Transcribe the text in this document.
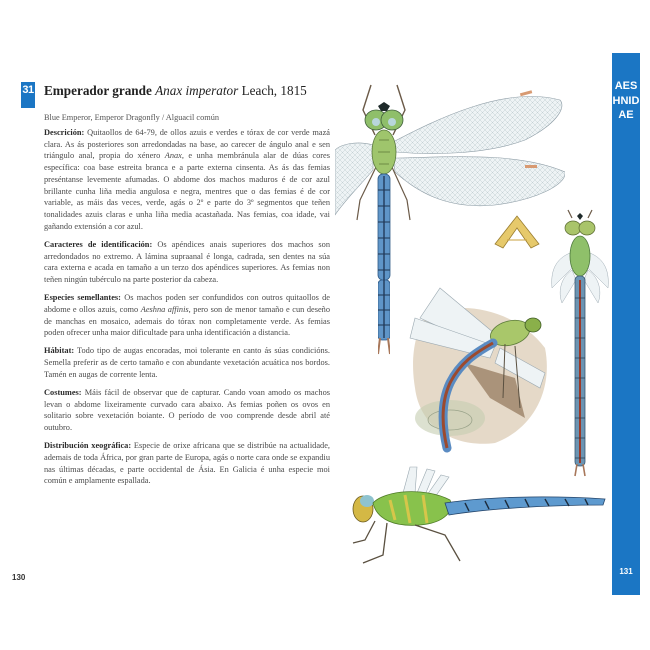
31 Emperador grande Anax imperator Leach, 1815
Blue Emperor, Emperor Dragonfly / Alguacil común

Descrición: Quitaollos de 64-79, de ollos azuis e verdes e tórax de cor verde mazá clara. As ás posteriores son arredondadas na base, ao carecer de ángulo anal e sen triángulo anal, propia do xénero Anax, e unha membránula alar de dúas cores específica: coa base estreita branca e a parte externa cinsenta. As ás das femias preséntanse levemente afumadas. O abdome dos machos maduros é de cor azul brillante cunha liña media angulosa e negra, mentres que o das femias é de cor variable, as máis das veces, verde, agás o 2º e parte do 3º segmentos que teñen tonalidades azuis claras e unha liña media acastañada. Nas femias, coa idade, vai gañando extensión a cor azul.

Caracteres de identificación: Os apéndices anais superiores dos machos son arredondados no extremo. A lámina supraanal é longa, cadrada, sen dentes na súa cara externa e acada en tamaño a un terzo dos apéndices superiores. As femias non teñen ningún tubérculo na parte posterior da cabeza.

Especies semellantes: Os machos poden ser confundidos con outros quitaollos de abdome e ollos azuis, como Aeshna affinis, pero son de menor tamaño e cun deseño de manchas en mosaico, ademais do tórax non completamente verde. As femias poden ofrecer unha maior dificultade para unha identificación a distancia.

Hábitat: Todo tipo de augas encoradas, moi tolerante en canto ás súas condicións. Semella preferir as de certo tamaño e con abundante vexetación acuática nos bordos. Tamén en augas de corrente lenta.

Costumes: Máis fácil de observar que de capturar. Cando voan amodo os machos levan o abdome lixeiramente curvado cara abaixo. As femias poñen os ovos en solitario sobre vexetación boiante. O período de voo comprende desde abril até outubro.

Distribución xeográfica: Especie de orixe africana que se distribúe na actualidade, ademais de toda África, por gran parte de Europa, agás o norte cara onde se expandiu nas últimas décadas, e parte occidental de Ásia. En Galicia é unha especie moi común e amplamente espallada.

130
AESHNIDAE
131
